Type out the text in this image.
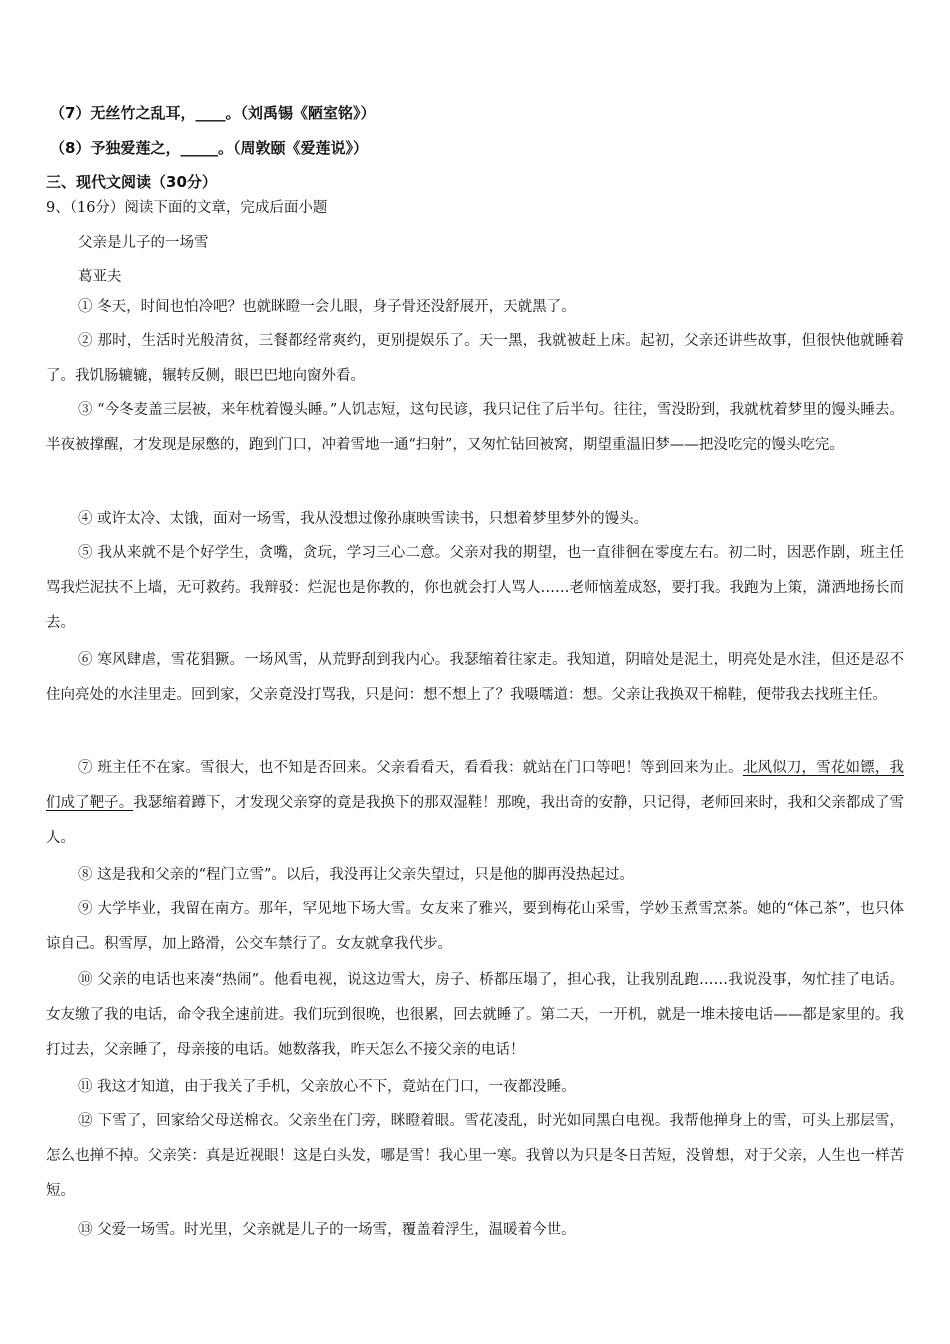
（7）无丝竹之乱耳，____。（刘禹锡《陋室铭》）
（8）予独爱莲之，_____。（周敦颐《爱莲说》）
三、现代文阅读（30分）
9、（16分）阅读下面的文章，完成后面小题
父亲是儿子的一场雪
葛亚夫

① 冬天，时间也怕冷吧？也就眯瞪一会儿眼，身子骨还没舒展开，天就黑了。

② 那时，生活时光般清贫，三餐都经常爽约，更别提娱乐了。天一黑，我就被赶上床。起初，父亲还讲些故事，但很快他就睡着了。我饥肠辘辘，辗转反侧，眼巴巴地向窗外看。

③ “今冬麦盖三层被，来年枕着馒头睡。”人饥志短，这句民谚，我只记住了后半句。往往，雪没盼到，我就枕着梦里的馒头睡去。半夜被撑醒，才发现是尿憋的，跑到门口，冲着雪地一通“扫射”，又匆忙钻回被窝，期望重温旧梦——把没吃完的馒头吃完。

④ 或许太冷、太饿，面对一场雪，我从没想过像孙康映雪读书，只想着梦里梦外的馒头。

⑤ 我从来就不是个好学生，贪嘴，贪玩，学习三心二意。父亲对我的期望，也一直徘徊在零度左右。初二时，因恶作剧，班主任骂我烂泥扶不上墙，无可救药。我辩驳：烂泥也是你教的，你也就会打人骂人……老师恼羞成怒，要打我。我跑为上策，潇洒地扬长而去。

⑥ 寒风肆虐，雪花猖獗。一场风雪，从荒野刮到我内心。我瑟缩着往家走。我知道，阴暗处是泥土，明亮处是水洼，但还是忍不住向亮处的水洼里走。回到家，父亲竟没打骂我，只是问：想不想上了？我嗫嚅道：想。父亲让我换双干棉鞋，便带我去找班主任。

⑦ 班主任不在家。雪很大，也不知是否回来。父亲看看天，看看我：就站在门口等吧！等到回来为止。北风似刀，雪花如镖，我们成了靶子。我瑟缩着蹲下，才发现父亲穿的竟是我换下的那双湿鞋！那晚，我出奇的安静，只记得，老师回来时，我和父亲都成了雪人。

⑧ 这是我和父亲的“程门立雪”。以后，我没再让父亲失望过，只是他的脚再没热起过。

⑨ 大学毕业，我留在南方。那年，罕见地下场大雪。女友来了雅兴，要到梅花山采雪，学妙玉煮雪烹茶。她的“体己茶”，也只体谅自己。积雪厚，加上路滑，公交车禁行了。女友就拿我代步。

⑩ 父亲的电话也来凑“热闹”。他看电视，说这边雪大，房子、桥都压塌了，担心我，让我别乱跑……我说没事，匆忙挂了电话。女友缴了我的电话，命令我全速前进。我们玩到很晚，也很累，回去就睡了。第二天，一开机，就是一堆未接电话——都是家里的。我打过去，父亲睡了，母亲接的电话。她数落我，昨天怎么不接父亲的电话！

⑪ 我这才知道，由于我关了手机，父亲放心不下，竟站在门口，一夜都没睡。

⑫ 下雪了，回家给父母送棉衣。父亲坐在门旁，眯瞪着眼。雪花凌乱，时光如同黑白电视。我帮他掸身上的雪，可头上那层雪，怎么也掸不掉。父亲笑：真是近视眼！这是白头发，哪是雪！我心里一寒。我曾以为只是冬日苦短，没曾想，对于父亲，人生也一样苦短。

⑬ 父爱一场雪。时光里，父亲就是儿子的一场雪，覆盖着浮生，温暖着今世。
